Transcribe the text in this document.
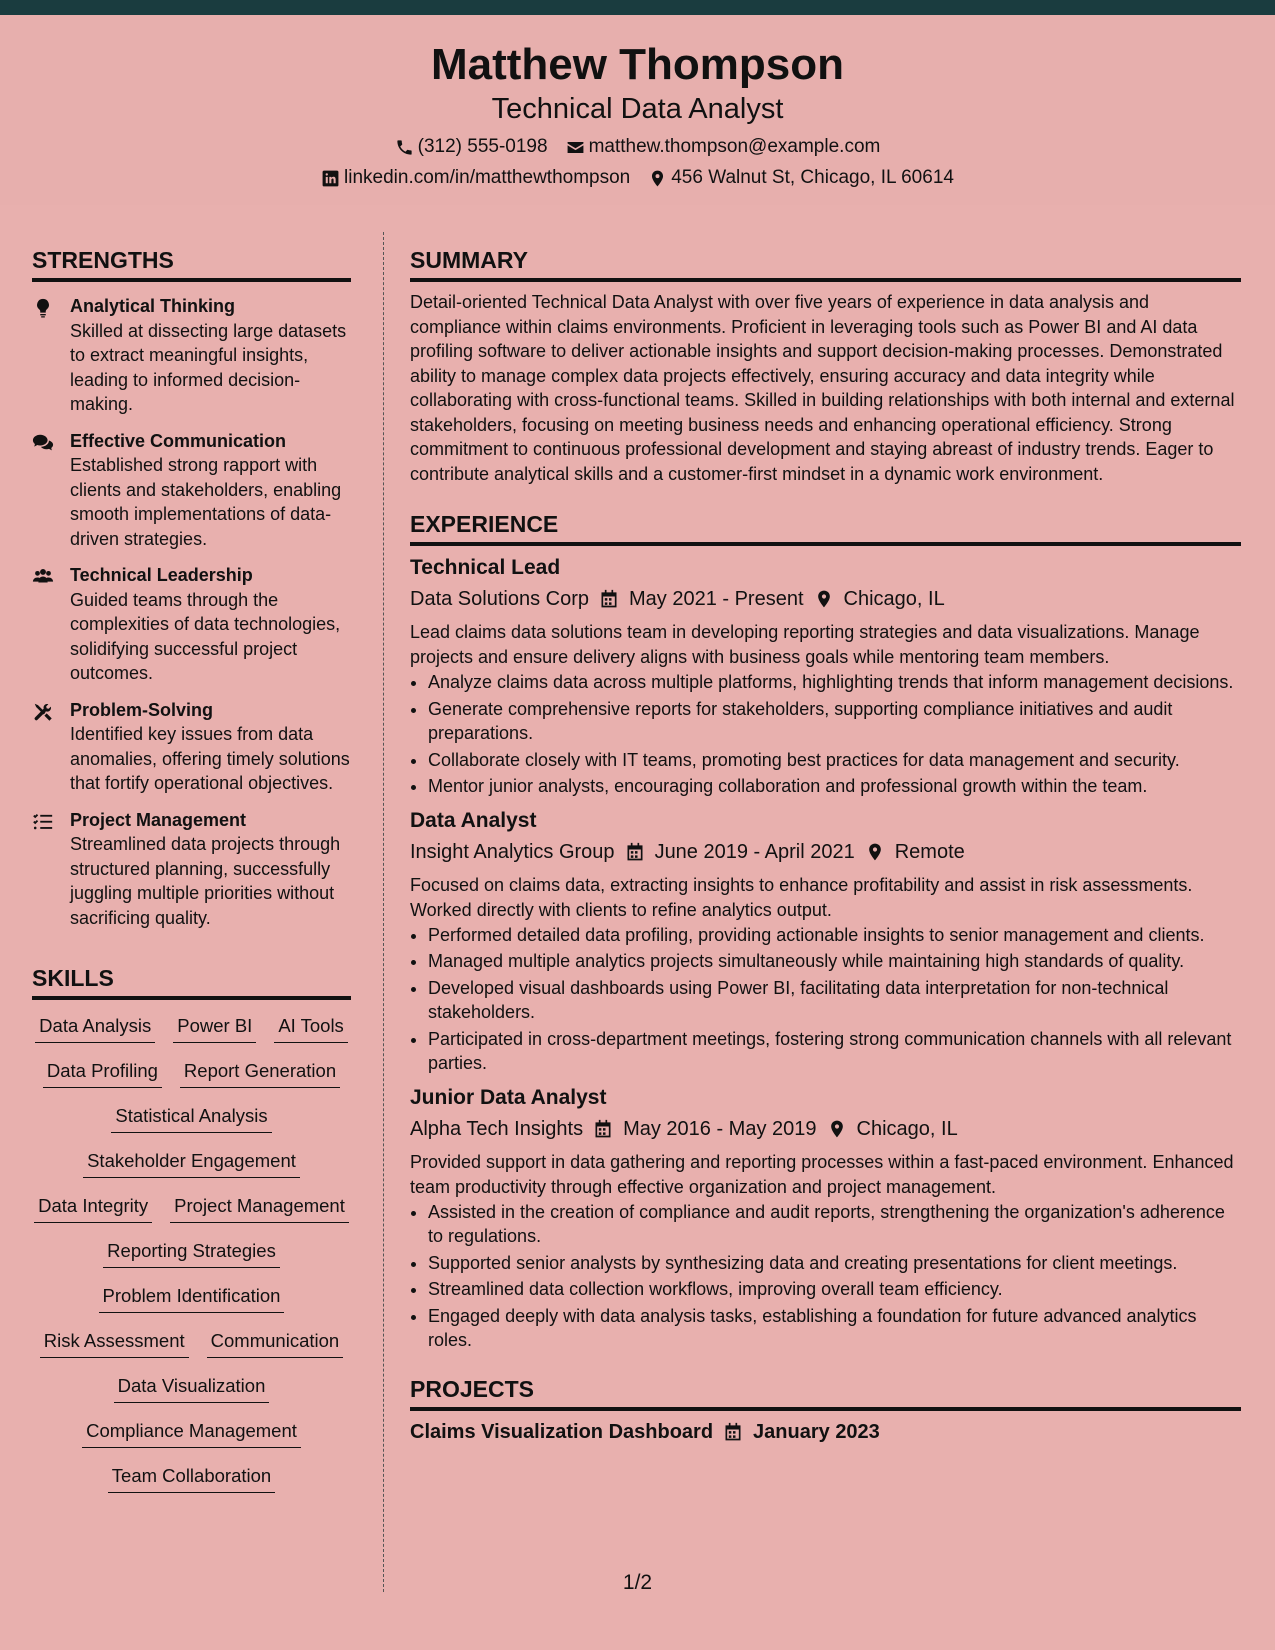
Matthew Thompson
Technical Data Analyst
(312) 555-0198 matthew.thompson@example.com
linkedin.com/in/matthewthompson 456 Walnut St, Chicago, IL 60614
STRENGTHS
Analytical Thinking
Skilled at dissecting large datasets to extract meaningful insights, leading to informed decision-making.
Effective Communication
Established strong rapport with clients and stakeholders, enabling smooth implementations of data-driven strategies.
Technical Leadership
Guided teams through the complexities of data technologies, solidifying successful project outcomes.
Problem-Solving
Identified key issues from data anomalies, offering timely solutions that fortify operational objectives.
Project Management
Streamlined data projects through structured planning, successfully juggling multiple priorities without sacrificing quality.
SKILLS
Data Analysis Power BI AI Tools
Data Profiling Report Generation
Statistical Analysis
Stakeholder Engagement
Data Integrity Project Management
Reporting Strategies
Problem Identification
Risk Assessment Communication
Data Visualization
Compliance Management
Team Collaboration
SUMMARY
Detail-oriented Technical Data Analyst with over five years of experience in data analysis and compliance within claims environments. Proficient in leveraging tools such as Power BI and AI data profiling software to deliver actionable insights and support decision-making processes. Demonstrated ability to manage complex data projects effectively, ensuring accuracy and data integrity while collaborating with cross-functional teams. Skilled in building relationships with both internal and external stakeholders, focusing on meeting business needs and enhancing operational efficiency. Strong commitment to continuous professional development and staying abreast of industry trends. Eager to contribute analytical skills and a customer-first mindset in a dynamic work environment.
EXPERIENCE
Technical Lead
Data Solutions Corp May 2021 - Present Chicago, IL
Lead claims data solutions team in developing reporting strategies and data visualizations. Manage projects and ensure delivery aligns with business goals while mentoring team members.
• Analyze claims data across multiple platforms, highlighting trends that inform management decisions.
• Generate comprehensive reports for stakeholders, supporting compliance initiatives and audit preparations.
• Collaborate closely with IT teams, promoting best practices for data management and security.
• Mentor junior analysts, encouraging collaboration and professional growth within the team.
Data Analyst
Insight Analytics Group June 2019 - April 2021 Remote
Focused on claims data, extracting insights to enhance profitability and assist in risk assessments. Worked directly with clients to refine analytics output.
• Performed detailed data profiling, providing actionable insights to senior management and clients.
• Managed multiple analytics projects simultaneously while maintaining high standards of quality.
• Developed visual dashboards using Power BI, facilitating data interpretation for non-technical stakeholders.
• Participated in cross-department meetings, fostering strong communication channels with all relevant parties.
Junior Data Analyst
Alpha Tech Insights May 2016 - May 2019 Chicago, IL
Provided support in data gathering and reporting processes within a fast-paced environment. Enhanced team productivity through effective organization and project management.
• Assisted in the creation of compliance and audit reports, strengthening the organization's adherence to regulations.
• Supported senior analysts by synthesizing data and creating presentations for client meetings.
• Streamlined data collection workflows, improving overall team efficiency.
• Engaged deeply with data analysis tasks, establishing a foundation for future advanced analytics roles.
PROJECTS
Claims Visualization Dashboard January 2023
1/2
